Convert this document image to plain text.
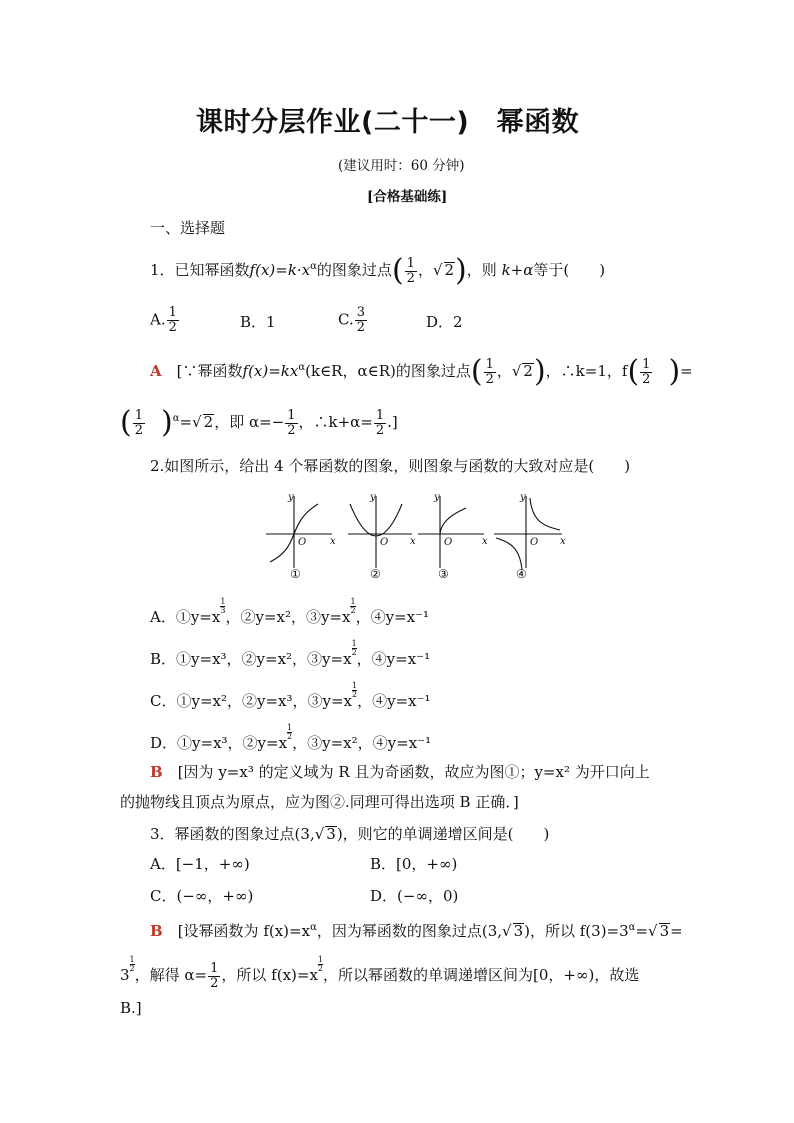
课时分层作业(二十一)　幂函数
(建议用时：60 分钟)
[合格基础练]
一、选择题
1．已知幂函数$f(x)=k\cdot x^\alpha$的图象过点( $\frac{1}{2}$ ，√ 2)，则 k+α等于(　　)
A. $\frac{1}{2}$	B．1	C. $\frac{3}{2}$	D．2
A　 [∵幂函数$f(x)=kx^\alpha(k\in R$，α∈R)的图象过点( $\frac{1}{2}$ ，√ 2)，∴k=1，$f( \frac{1}{2}$
　 )=
( $\frac{1}{2}$
　 )$^\alpha$=√ 2，即 $\alpha=- \frac{1}{2}$ ，∴k+α= $\frac{1}{2}$ .]
2.如图所示，给出 4 个幂函数的图象，则图象与函数的大致对应是(　　)
x
y
O	x
y
O	x
y
O	x
y
O
①	②	③	④
A．①y=x
$\frac{1}{3}$
，②y=x²，③y=x
$\frac{1}{2}$
，④y=x⁻¹
B．①y=x³，②y=x²，③y=x
$\frac{1}{2}$
，④y=x⁻¹
C．①y=x²，②y=x³，③y=x
$\frac{1}{2}$
，④y=x⁻¹
D．①y=x³，②y=x
$\frac{1}{2}$
，③y=x²，④y=x⁻¹
B　 [因为 y=x³ 的定义域为 R 且为奇函数，故应为图①；y=x² 为开口向上
的抛物线且顶点为原点，应为图②.同理可得出选项 B 正确．]
3．幂函数的图象过点(3,√ 3)，则它的单调递增区间是(　　)
A．[−1，+∞)	B．[0，+∞)
C．(−∞，+∞)	D．(−∞，0)
B　 [设幂函数为 $f(x)=x^\alpha$，因为幂函数的图象过点(3,√ 3)，所以 $f(3)=3^\alpha=√$ 3=
3
$\frac{1}{2}$
，解得 $\alpha= \frac{1}{2}$ ，所以 f(x)=x
$\frac{1}{2}$
，所以幂函数的单调递增区间为[0，+∞)，故选
B.]
